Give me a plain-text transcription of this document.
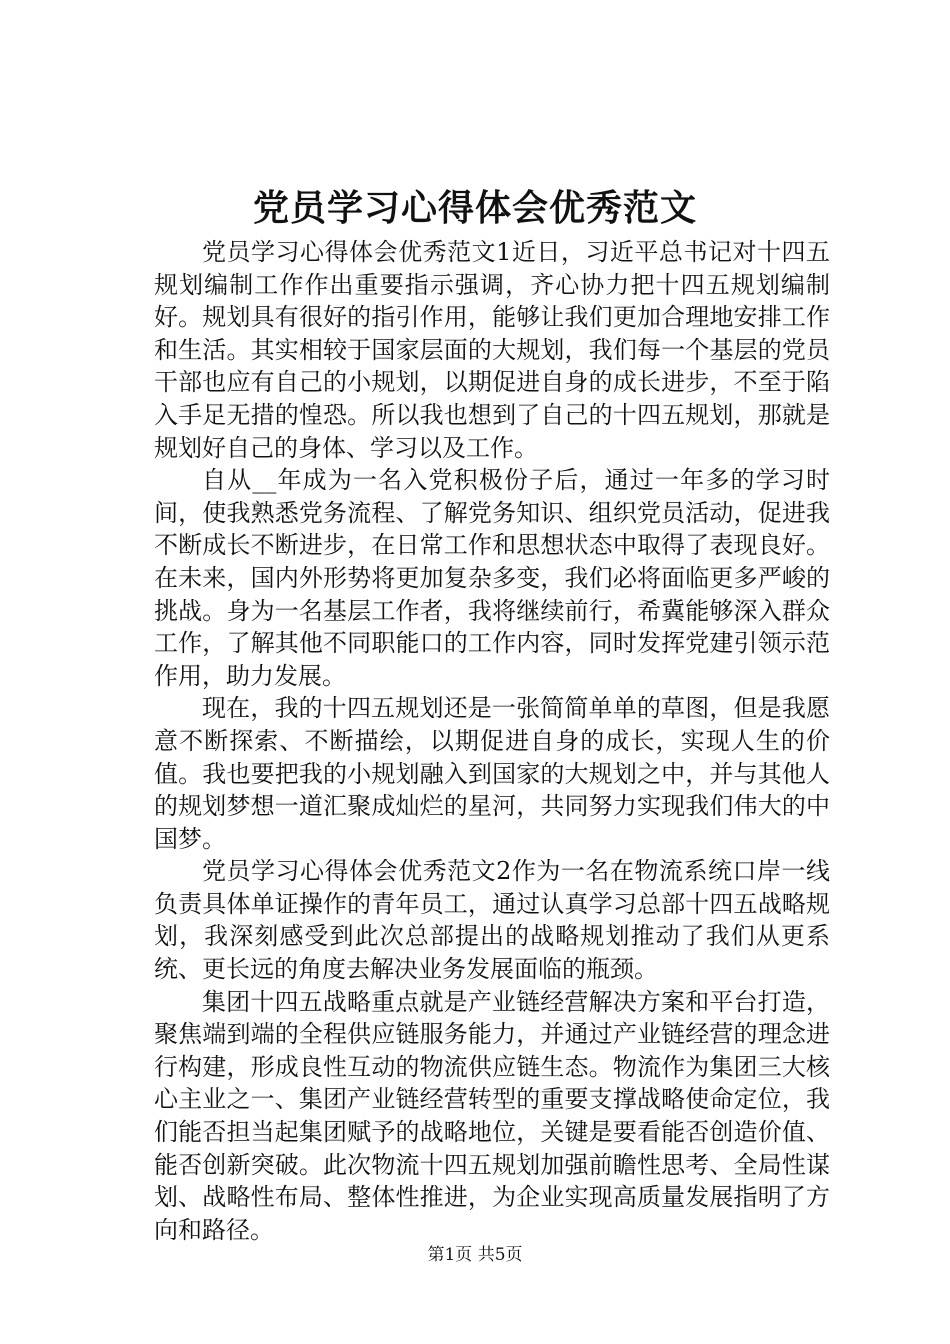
党员学习心得体会优秀范文

党员学习心得体会优秀范文1近日，习近平总书记对十四五规划编制工作作出重要指示强调，齐心协力把十四五规划编制好。规划具有很好的指引作用，能够让我们更加合理地安排工作和生活。其实相较于国家层面的大规划，我们每一个基层的党员干部也应有自己的小规划，以期促进自身的成长进步，不至于陷入手足无措的惶恐。所以我也想到了自己的十四五规划，那就是规划好自己的身体、学习以及工作。

自从__年成为一名入党积极份子后，通过一年多的学习时间，使我熟悉党务流程、了解党务知识、组织党员活动，促进我不断成长不断进步，在日常工作和思想状态中取得了表现良好。在未来，国内外形势将更加复杂多变，我们必将面临更多严峻的挑战。身为一名基层工作者，我将继续前行，希冀能够深入群众工作，了解其他不同职能口的工作内容，同时发挥党建引领示范作用，助力发展。

现在，我的十四五规划还是一张简简单单的草图，但是我愿意不断探索、不断描绘，以期促进自身的成长，实现人生的价值。我也要把我的小规划融入到国家的大规划之中，并与其他人的规划梦想一道汇聚成灿烂的星河，共同努力实现我们伟大的中国梦。

党员学习心得体会优秀范文2作为一名在物流系统口岸一线负责具体单证操作的青年员工，通过认真学习总部十四五战略规划，我深刻感受到此次总部提出的战略规划推动了我们从更系统、更长远的角度去解决业务发展面临的瓶颈。

集团十四五战略重点就是产业链经营解决方案和平台打造，聚焦端到端的全程供应链服务能力，并通过产业链经营的理念进行构建，形成良性互动的物流供应链生态。物流作为集团三大核心主业之一、集团产业链经营转型的重要支撑战略使命定位，我们能否担当起集团赋予的战略地位，关键是要看能否创造价值、能否创新突破。此次物流十四五规划加强前瞻性思考、全局性谋划、战略性布局、整体性推进，为企业实现高质量发展指明了方向和路径。

第1页 共5页
